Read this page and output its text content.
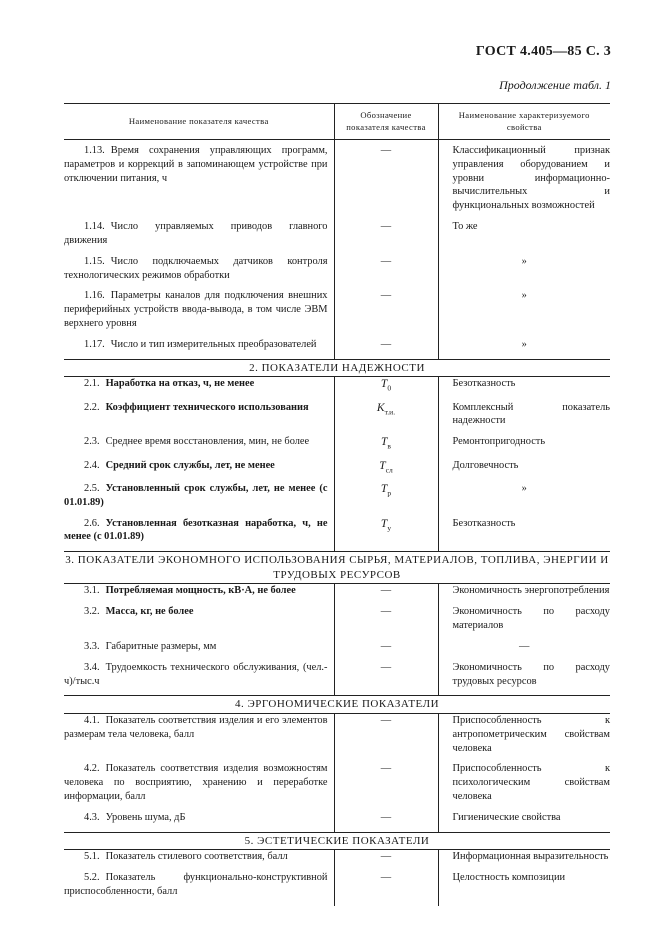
ГОСТ 4.405—85 С. 3
Продолжение табл. 1
Наименование показателя качества	Обозначение показателя качества	Наименование характеризуемого свойства
1.13. Время сохранения управляющих программ, параметров и коррекций в запоминающем устройстве при отключении питания, ч	—	Классификационный признак управления оборудованием и уровни информационно-вычислительных и функциональных возможностей
1.14. Число управляемых приводов главного движения	—	То же
1.15. Число подключаемых датчиков контроля технологических режимов обработки	—	»
1.16. Параметры каналов для подключения внешних периферийных устройств ввода-вывода, в том числе ЭВМ верхнего уровня	—	»
1.17. Число и тип измерительных преобразователей	—	»
2. ПОКАЗАТЕЛИ НАДЕЖНОСТИ		
2.1. Наработка на отказ, ч, не менее	$T_0$	Безотказность
2.2. Коэффициент технического использования	$K_{т.и.}$	Комплексный показатель надежности
2.3. Среднее время восстановления, мин, не более	$T_в$	Ремонтопригодность
2.4. Средний срок службы, лет, не менее	$T_{сл}$	Долговечность
2.5. Установленный срок службы, лет, не менее (с 01.01.89)	$T_р$	»
2.6. Установленная безотказная наработка, ч, не менее (с 01.01.89)	$T_у$	Безотказность
3. ПОКАЗАТЕЛИ ЭКОНОМНОГО ИСПОЛЬЗОВАНИЯ СЫРЬЯ, МАТЕРИАЛОВ, ТОПЛИВА, ЭНЕРГИИ И ТРУДОВЫХ РЕСУРСОВ		
3.1. Потребляемая мощность, кВ·А, не более	—	Экономичность энергопотребления
3.2. Масса, кг, не более	—	Экономичность по расходу материалов
3.3. Габаритные размеры, мм	—	—
3.4. Трудоемкость технического обслуживания, (чел.-ч)/тыс.ч	—	Экономичность по расходу трудовых ресурсов
4. ЭРГОНОМИЧЕСКИЕ ПОКАЗАТЕЛИ		
4.1. Показатель соответствия изделия и его элементов размерам тела человека, балл	—	Приспособленность к антропометрическим свойствам человека
4.2. Показатель соответствия изделия возможностям человека по восприятию, хранению и переработке информации, балл	—	Приспособленность к психологическим свойствам человека
4.3. Уровень шума, дБ	—	Гигиенические свойства
5. ЭСТЕТИЧЕСКИЕ ПОКАЗАТЕЛИ		
5.1. Показатель стилевого соответствия, балл	—	Информационная выразительность
5.2. Показатель функционально-конструктивной приспособленности, балл	—	Целостность композиции
